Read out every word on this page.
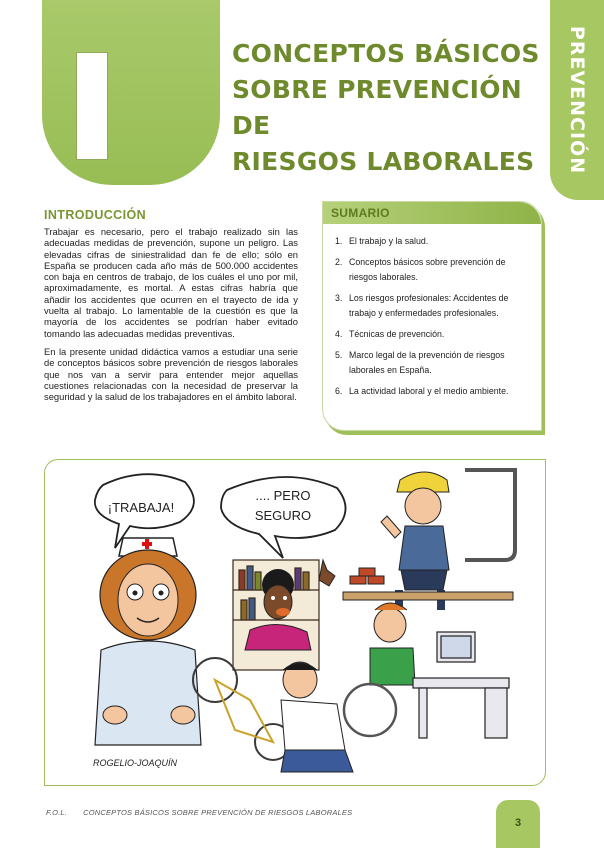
CONCEPTOS BÁSICOS
SOBRE PREVENCIÓN DE
RIESGOS LABORALES	PREVENCIÓN
INTRODUCCIÓN

Trabajar es necesario, pero el trabajo realizado sin las adecuadas medidas de prevención, supone un peligro. Las elevadas cifras de siniestralidad dan fe de ello; sólo en España se producen cada año más de 500.000 accidentes con baja en centros de trabajo, de los cuáles el uno por mil, aproximadamente, es mortal. A estas cifras habría que añadir los accidentes que ocurren en el trayecto de ida y vuelta al trabajo. Lo lamentable de la cuestión es que la mayoría de los accidentes se podrían haber evitado tomando las adecuadas medidas preventivas.

En la presente unidad didáctica vamos a estudiar una serie de conceptos básicos sobre prevención de riesgos laborales que nos van a servir para entender mejor aquellas cuestiones relacionadas con la necesidad de preservar la seguridad y la salud de los trabajadores en el ámbito laboral.

SUMARIO
1. El trabajo y la salud.
2. Conceptos básicos sobre prevención de riesgos laborales.
3. Los riesgos profesionales: Accidentes de trabajo y enfermedades profesionales.
4. Técnicas de prevención.
5. Marco legal de la prevención de riesgos laborales en España.
6. La actividad laboral y el medio ambiente.
¡TRABAJA!
.... PERO
SEGURO
ROGELIO-JOAQUÍN
F.O.L. CONCEPTOS BÁSICOS SOBRE PREVENCIÓN DE RIESGOS LABORALES
3
